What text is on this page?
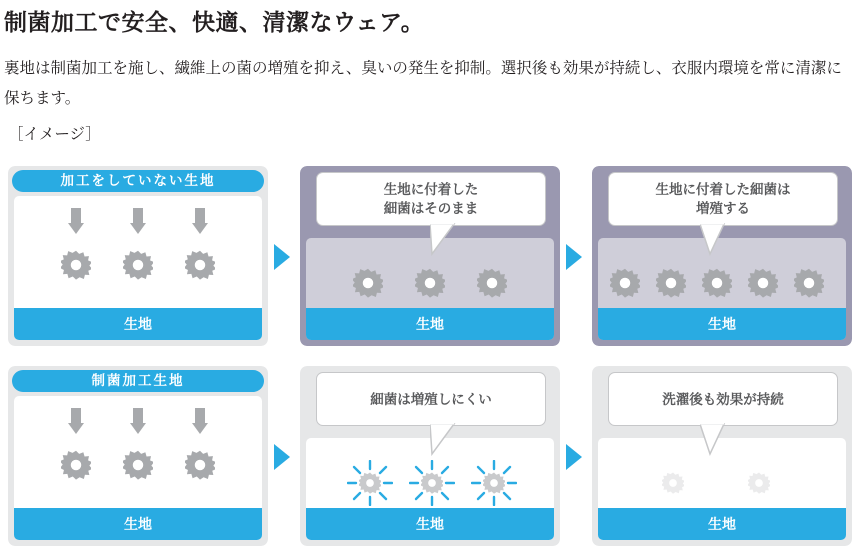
制菌加工で安全、快適、清潔なウェア。
裏地は制菌加工を施し、繊維上の菌の増殖を抑え、臭いの発生を抑制。選択後も効果が持続し、衣服内環境を常に清潔に保ちます。
［イメージ］
加工をしていない生地
生地	生地	生地
生地に付着した
細菌はそのまま
生地に付着した細菌は
増殖する
制菌加工生地
生地	生地	生地
細菌は増殖しにくい	洗濯後も効果が持続
